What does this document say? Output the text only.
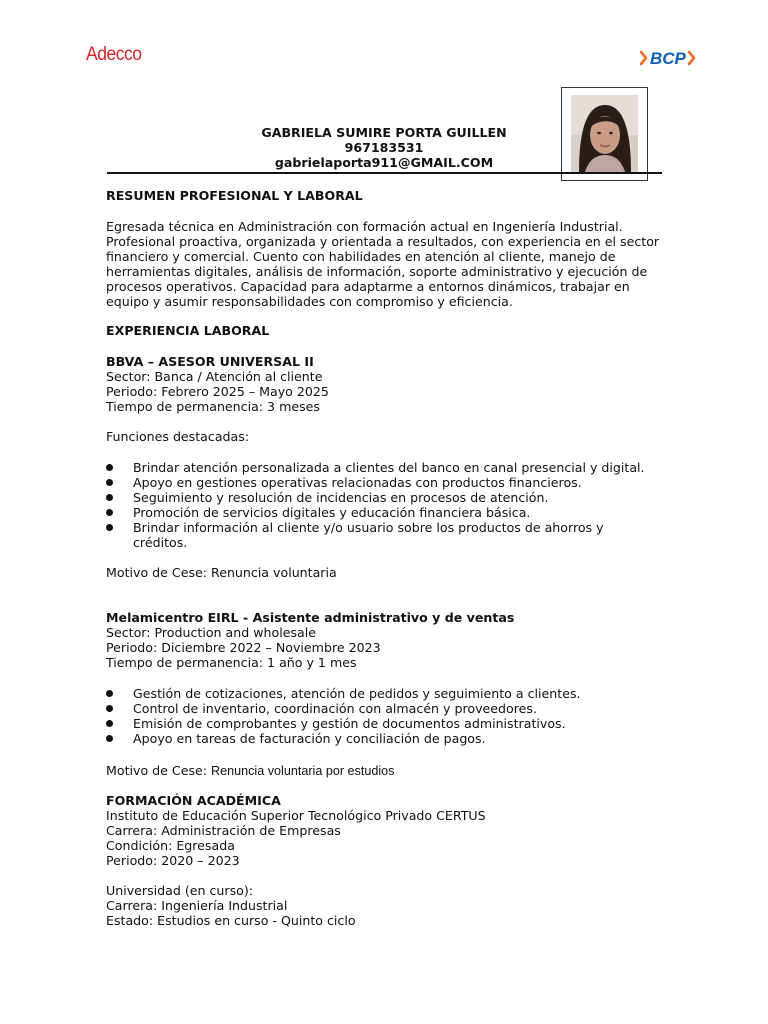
Adecco	BCP
GABRIELA SUMIRE PORTA GUILLEN
967183531
gabrielaporta911@GMAIL.COM
RESUMEN PROFESIONAL Y LABORAL
Egresada técnica en Administración con formación actual en Ingeniería Industrial.
Profesional proactiva, organizada y orientada a resultados, con experiencia en el sector
financiero y comercial. Cuento con habilidades en atención al cliente, manejo de
herramientas digitales, análisis de información, soporte administrativo y ejecución de
procesos operativos. Capacidad para adaptarme a entornos dinámicos, trabajar en
equipo y asumir responsabilidades con compromiso y eficiencia.
EXPERIENCIA LABORAL
BBVA – ASESOR UNIVERSAL II
Sector: Banca / Atención al cliente
Periodo: Febrero 2025 – Mayo 2025
Tiempo de permanencia: 3 meses
Funciones destacadas:
Brindar atención personalizada a clientes del banco en canal presencial y digital.
Apoyo en gestiones operativas relacionadas con productos financieros.
Seguimiento y resolución de incidencias en procesos de atención.
Promoción de servicios digitales y educación financiera básica.
Brindar información al cliente y/o usuario sobre los productos de ahorros y
créditos.
Motivo de Cese: Renuncia voluntaria
Melamicentro EIRL - Asistente administrativo y de ventas
Sector: Production and wholesale
Periodo: Diciembre 2022 – Noviembre 2023
Tiempo de permanencia: 1 año y 1 mes
Gestión de cotizaciones, atención de pedidos y seguimiento a clientes.
Control de inventario, coordinación con almacén y proveedores.
Emisión de comprobantes y gestión de documentos administrativos.
Apoyo en tareas de facturación y conciliación de pagos.
Motivo de Cese: Renuncia voluntaria por estudios
FORMACIÓN ACADÉMICA
Instituto de Educación Superior Tecnológico Privado CERTUS
Carrera: Administración de Empresas
Condición: Egresada
Periodo: 2020 – 2023
Universidad (en curso):
Carrera: Ingeniería Industrial
Estado: Estudios en curso - Quinto ciclo
